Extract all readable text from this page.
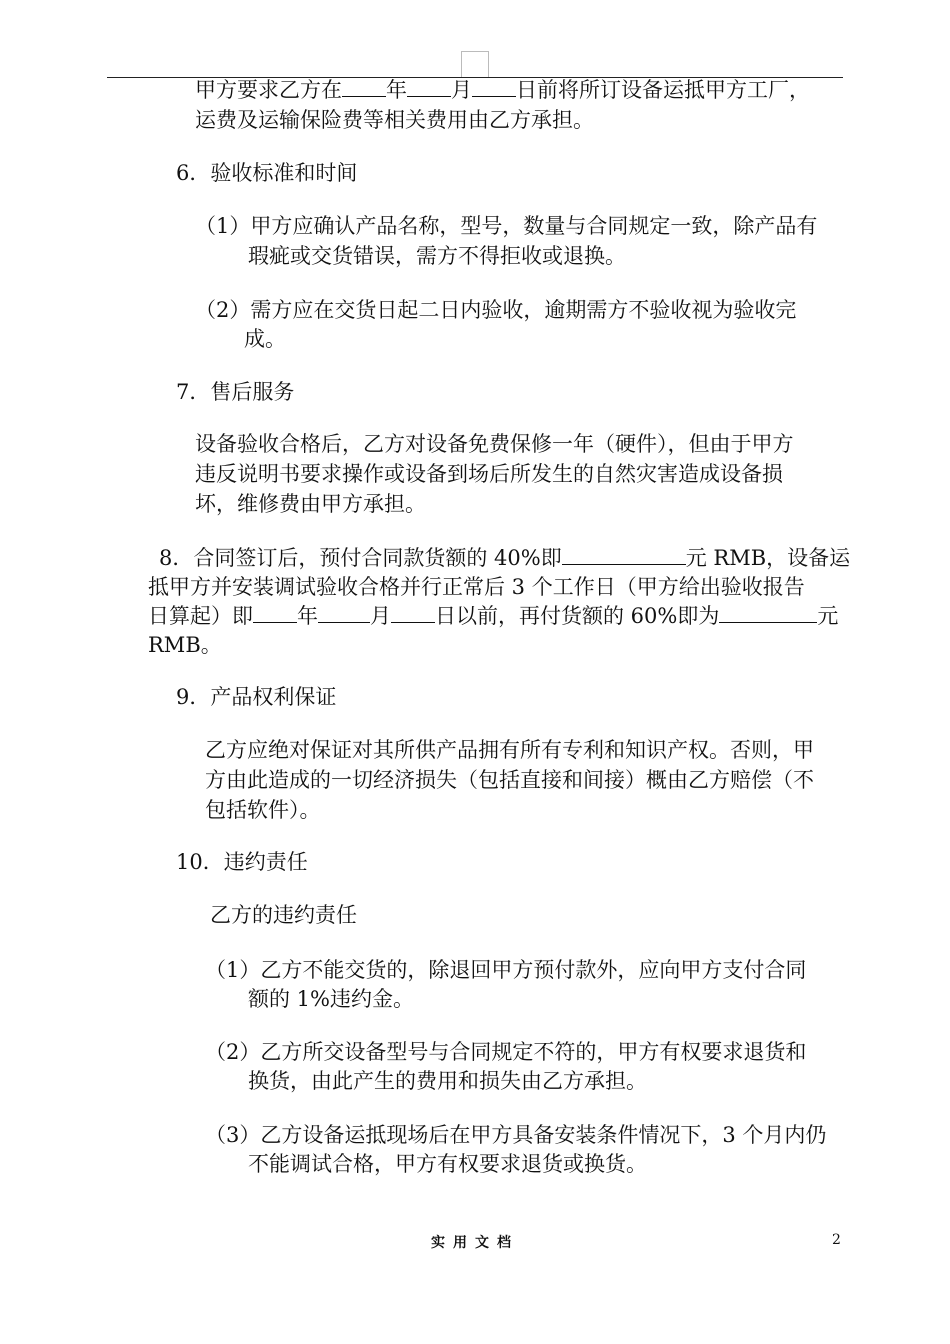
甲方要求乙方在 年 月 日前将所订设备运抵甲方工厂，
运费及运输保险费等相关费用由乙方承担。
6．验收标准和时间
（1）甲方应确认产品名称，型号，数量与合同规定一致，除产品有
瑕疵或交货错误，需方不得拒收或退换。
（2）需方应在交货日起二日内验收，逾期需方不验收视为验收完
成。
7．售后服务
设备验收合格后，乙方对设备免费保修一年（硬件），但由于甲方
违反说明书要求操作或设备到场后所发生的自然灾害造成设备损
坏，维修费由甲方承担。
8．合同签订后，预付合同款货额的 40%即	元 RMB，设备运
抵甲方并安装调试验收合格并行正常后 3 个工作日（甲方给出验收报告
日算起）即 年 月 日以前，再付货额的 60%即为	元
RMB。
9．产品权利保证
乙方应绝对保证对其所供产品拥有所有专利和知识产权。否则，甲
方由此造成的一切经济损失（包括直接和间接）概由乙方赔偿（不
包括软件）。
10．违约责任
乙方的违约责任
（1）乙方不能交货的，除退回甲方预付款外，应向甲方支付合同
额的 1%违约金。
（2）乙方所交设备型号与合同规定不符的，甲方有权要求退货和
换货，由此产生的费用和损失由乙方承担。
（3）乙方设备运抵现场后在甲方具备安装条件情况下，3 个月内仍
不能调试合格，甲方有权要求退货或换货。
实用文档	2
